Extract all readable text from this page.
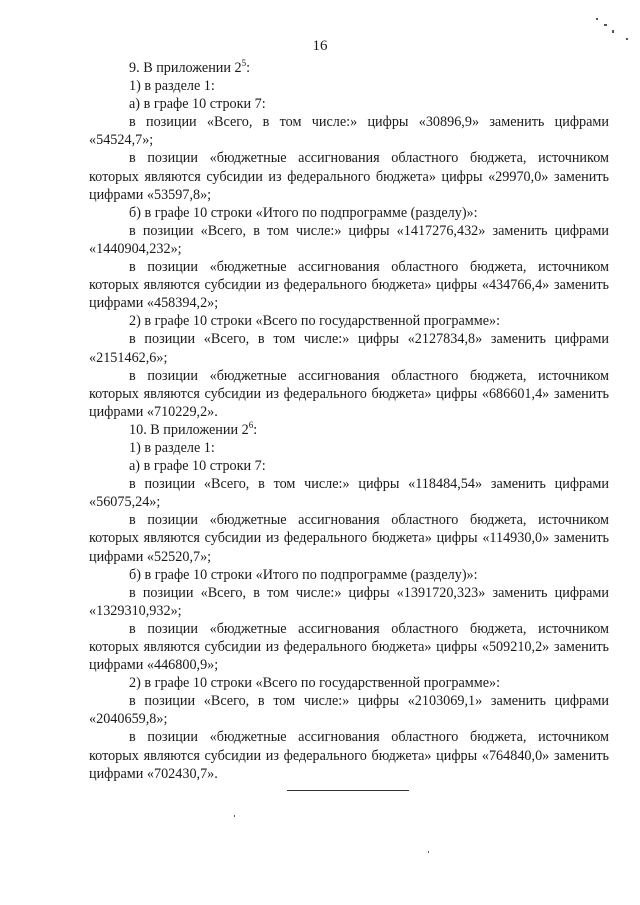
16

9. В приложении $2^5$:

1) в разделе 1:

а) в графе 10 строки 7:

в позиции «Всего, в том числе:» цифры «30896,9» заменить цифрами «54524,7»;

в позиции «бюджетные ассигнования областного бюджета, источником которых являются субсидии из федерального бюджета» цифры «29970,0» заменить цифрами «53597,8»;

б) в графе 10 строки «Итого по подпрограмме (разделу)»:

в позиции «Всего, в том числе:» цифры «1417276,432» заменить цифрами «1440904,232»;

в позиции «бюджетные ассигнования областного бюджета, источником которых являются субсидии из федерального бюджета» цифры «434766,4» заменить цифрами «458394,2»;

2) в графе 10 строки «Всего по государственной программе»:

в позиции «Всего, в том числе:» цифры «2127834,8» заменить цифрами «2151462,6»;

в позиции «бюджетные ассигнования областного бюджета, источником которых являются субсидии из федерального бюджета» цифры «686601,4» заменить цифрами «710229,2».

10. В приложении $2^6$:

1) в разделе 1:

а) в графе 10 строки 7:

в позиции «Всего, в том числе:» цифры «118484,54» заменить цифрами «56075,24»;

в позиции «бюджетные ассигнования областного бюджета, источником которых являются субсидии из федерального бюджета» цифры «114930,0» заменить цифрами «52520,7»;

б) в графе 10 строки «Итого по подпрограмме (разделу)»:

в позиции «Всего, в том числе:» цифры «1391720,323» заменить цифрами «1329310,932»;

в позиции «бюджетные ассигнования областного бюджета, источником которых являются субсидии из федерального бюджета» цифры «509210,2» заменить цифрами «446800,9»;

2) в графе 10 строки «Всего по государственной программе»:

в позиции «Всего, в том числе:» цифры «2103069,1» заменить цифрами «2040659,8»;

в позиции «бюджетные ассигнования областного бюджета, источником которых являются субсидии из федерального бюджета» цифры «764840,0» заменить цифрами «702430,7».
